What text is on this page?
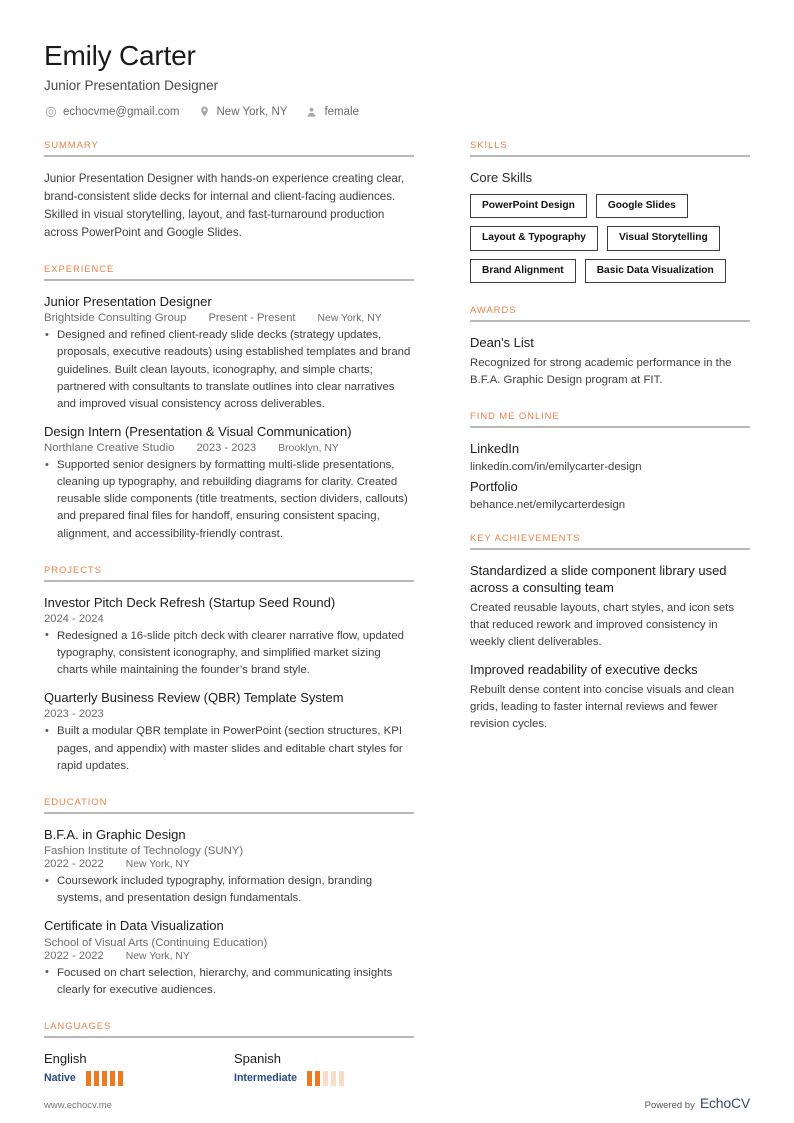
Emily Carter
Junior Presentation Designer
echocvme@gmail.com	New York, NY	female
SUMMARY

Junior Presentation Designer with hands-on experience creating clear, brand-consistent slide decks for internal and client-facing audiences. Skilled in visual storytelling, layout, and fast-turnaround production across PowerPoint and Google Slides.

EXPERIENCE
Junior Presentation Designer
Brightside Consulting Group Present - Present New York, NY
• Designed and refined client-ready slide decks (strategy updates, proposals, executive readouts) using established templates and brand guidelines. Built clean layouts, iconography, and simple charts; partnered with consultants to translate outlines into clear narratives and improved visual consistency across deliverables.
Design Intern (Presentation & Visual Communication)
Northlane Creative Studio 2023 - 2023 Brooklyn, NY
• Supported senior designers by formatting multi-slide presentations, cleaning up typography, and rebuilding diagrams for clarity. Created reusable slide components (title treatments, section dividers, callouts) and prepared final files for handoff, ensuring consistent spacing, alignment, and accessibility-friendly contrast.
PROJECTS
Investor Pitch Deck Refresh (Startup Seed Round)
2024 - 2024
• Redesigned a 16-slide pitch deck with clearer narrative flow, updated typography, consistent iconography, and simplified market sizing charts while maintaining the founder’s brand style.
Quarterly Business Review (QBR) Template System
2023 - 2023
• Built a modular QBR template in PowerPoint (section structures, KPI pages, and appendix) with master slides and editable chart styles for rapid updates.
EDUCATION
B.F.A. in Graphic Design
Fashion Institute of Technology (SUNY)
2022 - 2022 New York, NY
• Coursework included typography, information design, branding systems, and presentation design fundamentals.
Certificate in Data Visualization
School of Visual Arts (Continuing Education)
2022 - 2022 New York, NY
• Focused on chart selection, hierarchy, and communicating insights clearly for executive audiences.
LANGUAGES
English
Native
Spanish
Intermediate
SKILLS
Core Skills
PowerPoint Design	Google Slides
Layout & Typography	Visual Storytelling
Brand Alignment	Basic Data Visualization
AWARDS
Dean's List

Recognized for strong academic performance in the B.F.A. Graphic Design program at FIT.

FIND ME ONLINE
LinkedIn
linkedin.com/in/emilycarter-design
Portfolio
behance.net/emilycarterdesign
KEY ACHIEVEMENTS
Standardized a slide component library used across a consulting team

Created reusable layouts, chart styles, and icon sets that reduced rework and improved consistency in weekly client deliverables.

Improved readability of executive decks

Rebuilt dense content into concise visuals and clean grids, leading to faster internal reviews and fewer revision cycles.

www.echocv.me	Powered by EchoCV
